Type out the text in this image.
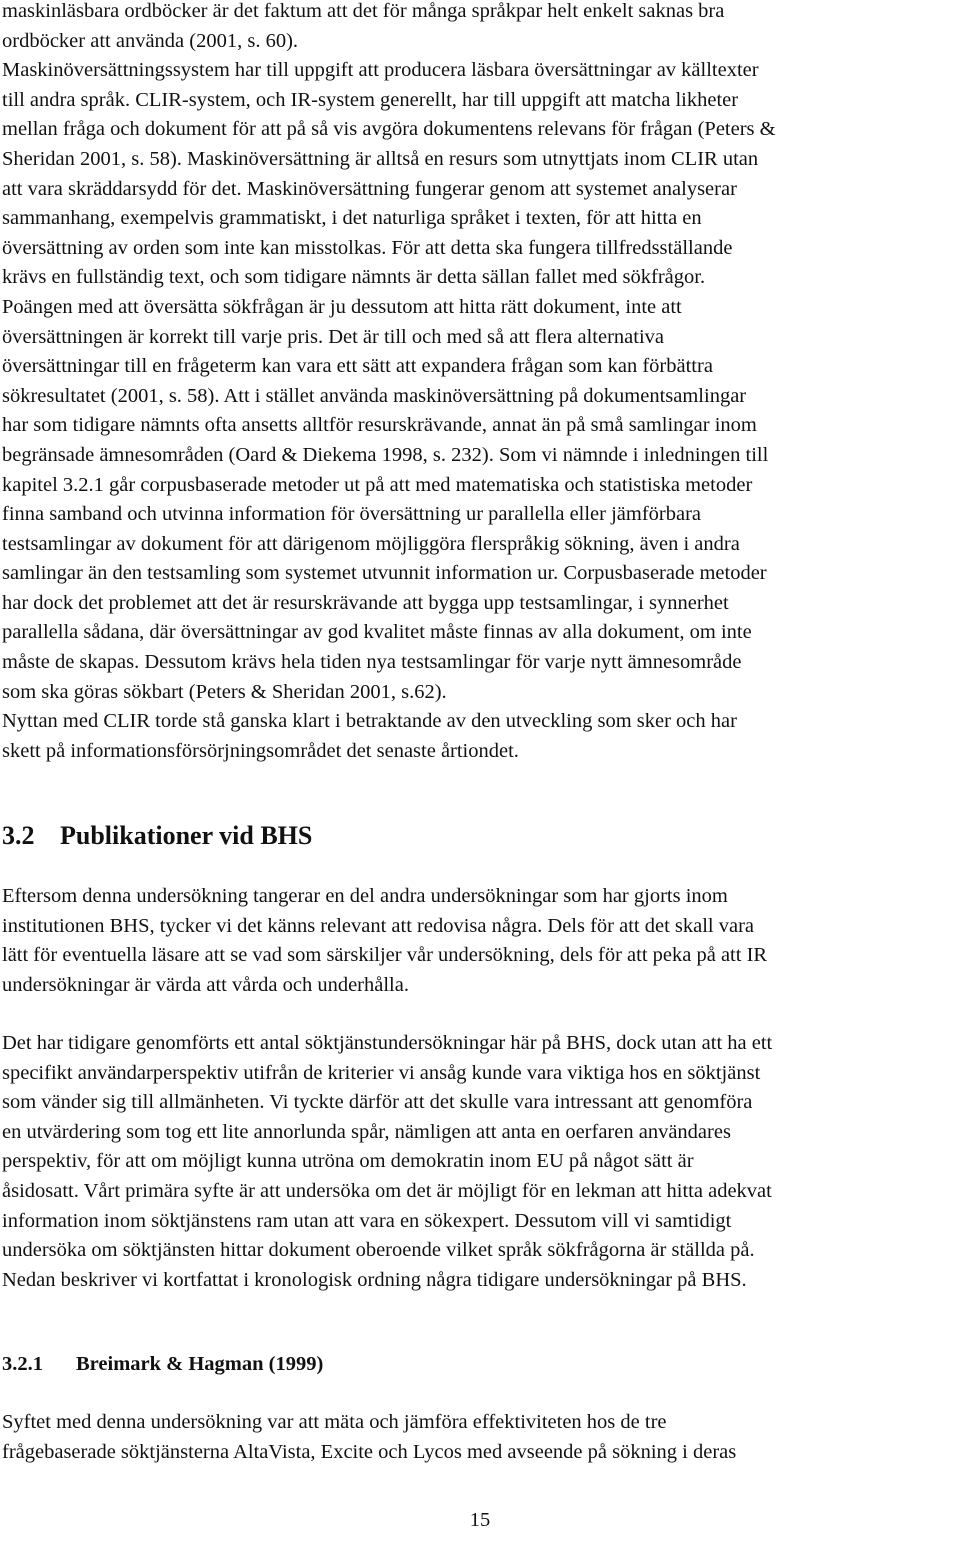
maskinläsbara ordböcker är det faktum att det för många språkpar helt enkelt saknas bra
ordböcker att använda (2001, s. 60).
Maskinöversättningssystem har till uppgift att producera läsbara översättningar av källtexter
till andra språk. CLIR-system, och IR-system generellt, har till uppgift att matcha likheter
mellan fråga och dokument för att på så vis avgöra dokumentens relevans för frågan (Peters &
Sheridan 2001, s. 58). Maskinöversättning är alltså en resurs som utnyttjats inom CLIR utan
att vara skräddarsydd för det. Maskinöversättning fungerar genom att systemet analyserar
sammanhang, exempelvis grammatiskt, i det naturliga språket i texten, för att hitta en
översättning av orden som inte kan misstolkas. För att detta ska fungera tillfredsställande
krävs en fullständig text, och som tidigare nämnts är detta sällan fallet med sökfrågor.
Poängen med att översätta sökfrågan är ju dessutom att hitta rätt dokument, inte att
översättningen är korrekt till varje pris. Det är till och med så att flera alternativa
översättningar till en frågeterm kan vara ett sätt att expandera frågan som kan förbättra
sökresultatet (2001, s. 58). Att i stället använda maskinöversättning på dokumentsamlingar
har som tidigare nämnts ofta ansetts alltför resurskrävande, annat än på små samlingar inom
begränsade ämnesområden (Oard & Diekema 1998, s. 232). Som vi nämnde i inledningen till
kapitel 3.2.1 går corpusbaserade metoder ut på att med matematiska och statistiska metoder
finna samband och utvinna information för översättning ur parallella eller jämförbara
testsamlingar av dokument för att därigenom möjliggöra flerspråkig sökning, även i andra
samlingar än den testsamling som systemet utvunnit information ur. Corpusbaserade metoder
har dock det problemet att det är resurskrävande att bygga upp testsamlingar, i synnerhet
parallella sådana, där översättningar av god kvalitet måste finnas av alla dokument, om inte
måste de skapas. Dessutom krävs hela tiden nya testsamlingar för varje nytt ämnesområde
som ska göras sökbart (Peters & Sheridan 2001, s.62).
Nyttan med CLIR torde stå ganska klart i betraktande av den utveckling som sker och har
skett på informationsförsörjningsområdet det senaste årtiondet.
3.2 Publikationer vid BHS
Eftersom denna undersökning tangerar en del andra undersökningar som har gjorts inom
institutionen BHS, tycker vi det känns relevant att redovisa några. Dels för att det skall vara
lätt för eventuella läsare att se vad som särskiljer vår undersökning, dels för att peka på att IR
undersökningar är värda att vårda och underhålla.
Det har tidigare genomförts ett antal söktjänstundersökningar här på BHS, dock utan att ha ett
specifikt användarperspektiv utifrån de kriterier vi ansåg kunde vara viktiga hos en söktjänst
som vänder sig till allmänheten. Vi tyckte därför att det skulle vara intressant att genomföra
en utvärdering som tog ett lite annorlunda spår, nämligen att anta en oerfaren användares
perspektiv, för att om möjligt kunna utröna om demokratin inom EU på något sätt är
åsidosatt. Vårt primära syfte är att undersöka om det är möjligt för en lekman att hitta adekvat
information inom söktjänstens ram utan att vara en sökexpert. Dessutom vill vi samtidigt
undersöka om söktjänsten hittar dokument oberoende vilket språk sökfrågorna är ställda på.
Nedan beskriver vi kortfattat i kronologisk ordning några tidigare undersökningar på BHS.
3.2.1 Breimark & Hagman (1999)
Syftet med denna undersökning var att mäta och jämföra effektiviteten hos de tre
frågebaserade söktjänsterna AltaVista, Excite och Lycos med avseende på sökning i deras
15
